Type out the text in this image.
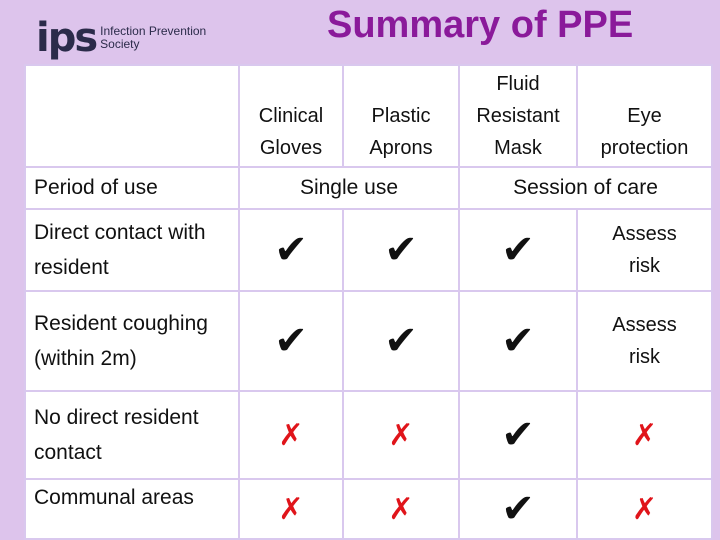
ips Infection Prevention
Society	Summary of PPE
	Clinical Gloves	Plastic Aprons	Fluid Resistant Mask	Eye protection
Period of use	Single use		Session of care	
Direct contact with resident	✔	✔	✔	Assess risk
Resident coughing (within 2m)	✔	✔	✔	Assess risk
No direct resident contact	✗	✗	✔	✗
Communal areas	✗	✗	✔	✗
